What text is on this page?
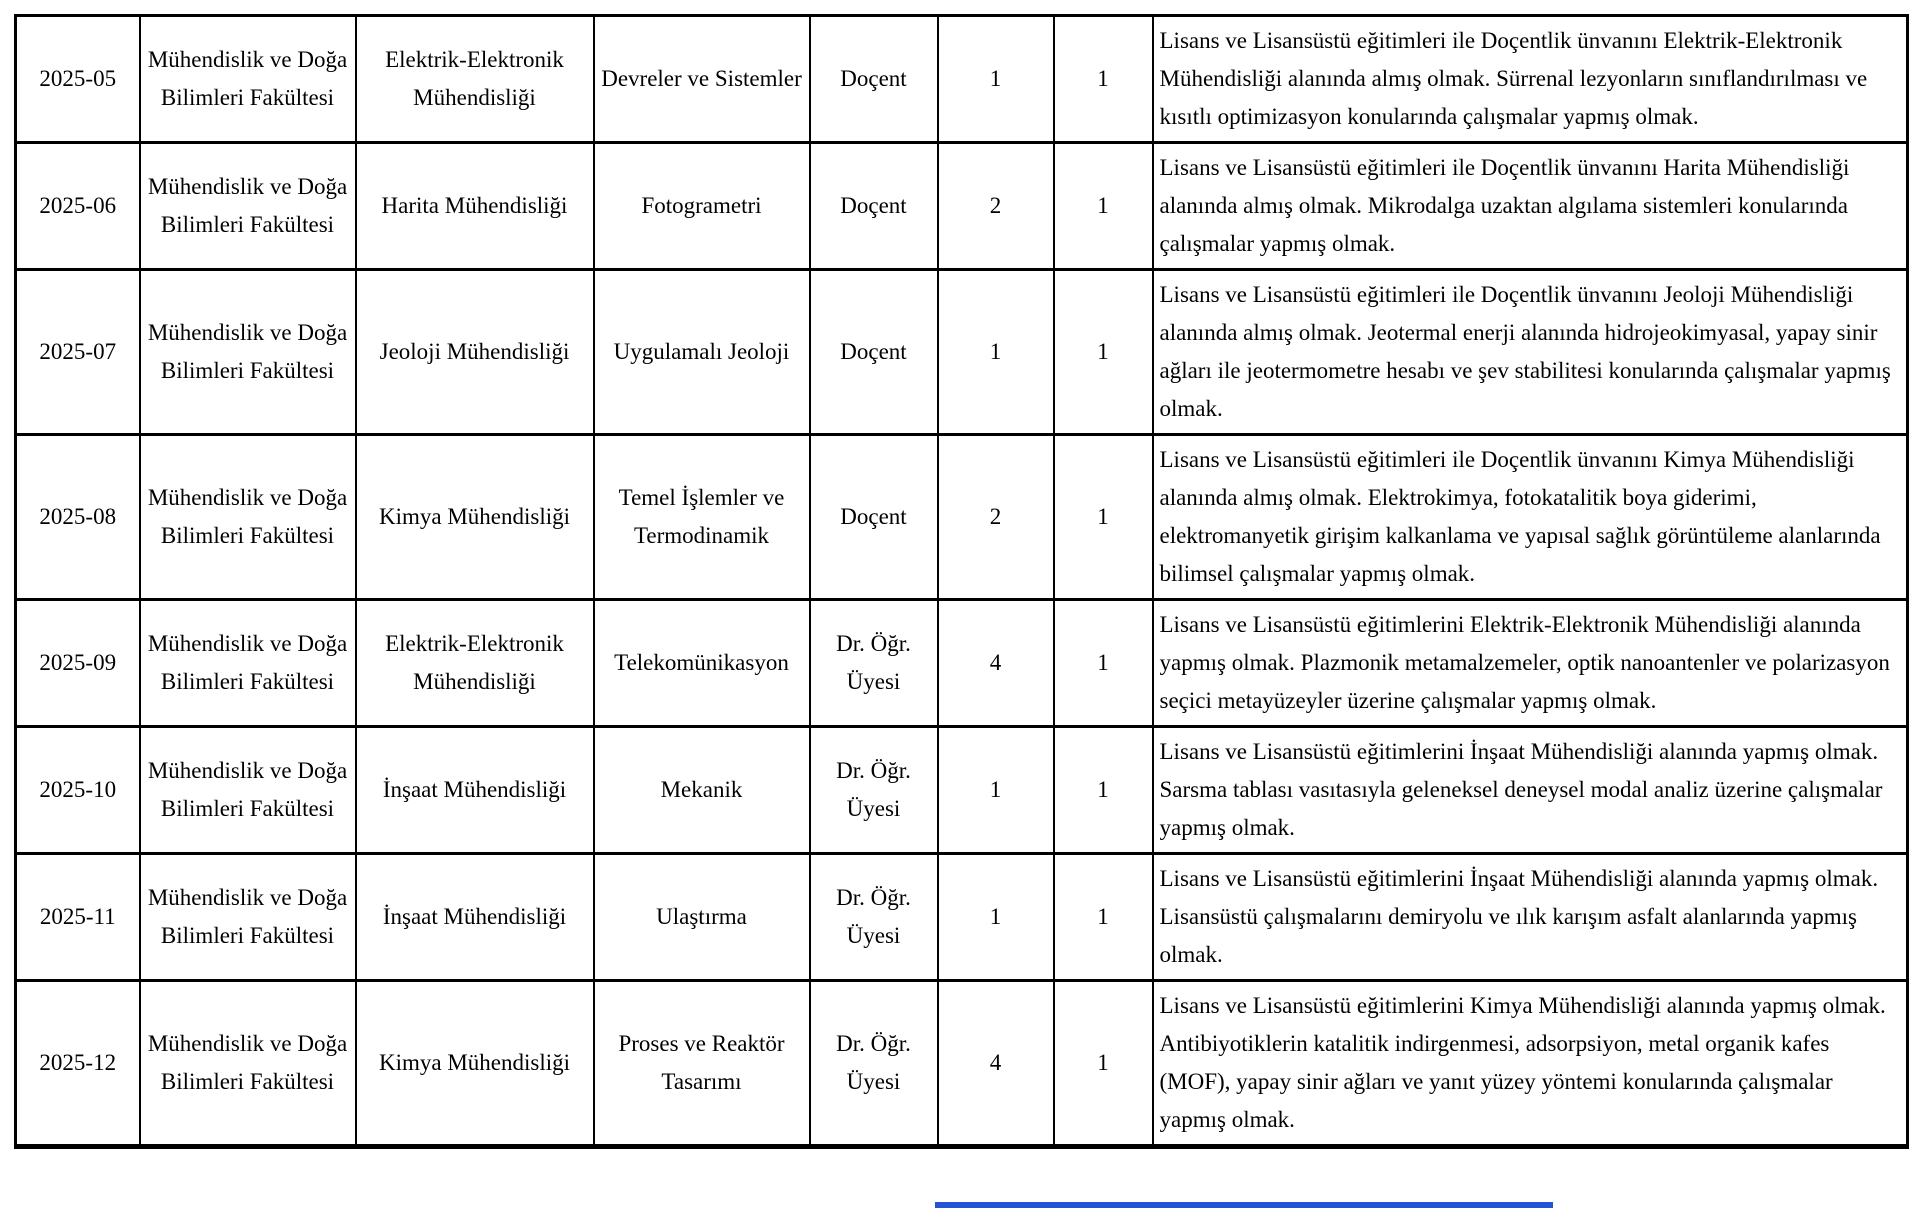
2025-05	Mühendislik ve Doğa Bilimleri Fakültesi	Elektrik-Elektronik Mühendisliği	Devreler ve Sistemler	Doçent	1	1	Lisans ve Lisansüstü eğitimleri ile Doçentlik ünvanını Elektrik-Elektronik Mühendisliği alanında almış olmak. Sürrenal lezyonların sınıflandırılması ve kısıtlı optimizasyon konularında çalışmalar yapmış olmak.
2025-06	Mühendislik ve Doğa Bilimleri Fakültesi	Harita Mühendisliği	Fotogrametri	Doçent	2	1	Lisans ve Lisansüstü eğitimleri ile Doçentlik ünvanını Harita Mühendisliği alanında almış olmak. Mikrodalga uzaktan algılama sistemleri konularında çalışmalar yapmış olmak.
2025-07	Mühendislik ve Doğa Bilimleri Fakültesi	Jeoloji Mühendisliği	Uygulamalı Jeoloji	Doçent	1	1	Lisans ve Lisansüstü eğitimleri ile Doçentlik ünvanını Jeoloji Mühendisliği alanında almış olmak. Jeotermal enerji alanında hidrojeokimyasal, yapay sinir ağları ile jeotermometre hesabı ve şev stabilitesi konularında çalışmalar yapmış olmak.
2025-08	Mühendislik ve Doğa Bilimleri Fakültesi	Kimya Mühendisliği	Temel İşlemler ve Termodinamik	Doçent	2	1	Lisans ve Lisansüstü eğitimleri ile Doçentlik ünvanını Kimya Mühendisliği alanında almış olmak. Elektrokimya, fotokatalitik boya giderimi, elektromanyetik girişim kalkanlama ve yapısal sağlık görüntüleme alanlarında bilimsel çalışmalar yapmış olmak.
2025-09	Mühendislik ve Doğa Bilimleri Fakültesi	Elektrik-Elektronik Mühendisliği	Telekomünikasyon	Dr. Öğr. Üyesi	4	1	Lisans ve Lisansüstü eğitimlerini Elektrik-Elektronik Mühendisliği alanında yapmış olmak. Plazmonik metamalzemeler, optik nanoantenler ve polarizasyon seçici metayüzeyler üzerine çalışmalar yapmış olmak.
2025-10	Mühendislik ve Doğa Bilimleri Fakültesi	İnşaat Mühendisliği	Mekanik	Dr. Öğr. Üyesi	1	1	Lisans ve Lisansüstü eğitimlerini İnşaat Mühendisliği alanında yapmış olmak. Sarsma tablası vasıtasıyla geleneksel deneysel modal analiz üzerine çalışmalar yapmış olmak.
2025-11	Mühendislik ve Doğa Bilimleri Fakültesi	İnşaat Mühendisliği	Ulaştırma	Dr. Öğr. Üyesi	1	1	Lisans ve Lisansüstü eğitimlerini İnşaat Mühendisliği alanında yapmış olmak. Lisansüstü çalışmalarını demiryolu ve ılık karışım asfalt alanlarında yapmış olmak.
2025-12	Mühendislik ve Doğa Bilimleri Fakültesi	Kimya Mühendisliği	Proses ve Reaktör Tasarımı	Dr. Öğr. Üyesi	4	1	Lisans ve Lisansüstü eğitimlerini Kimya Mühendisliği alanında yapmış olmak. Antibiyotiklerin katalitik indirgenmesi, adsorpsiyon, metal organik kafes (MOF), yapay sinir ağları ve yanıt yüzey yöntemi konularında çalışmalar yapmış olmak.
